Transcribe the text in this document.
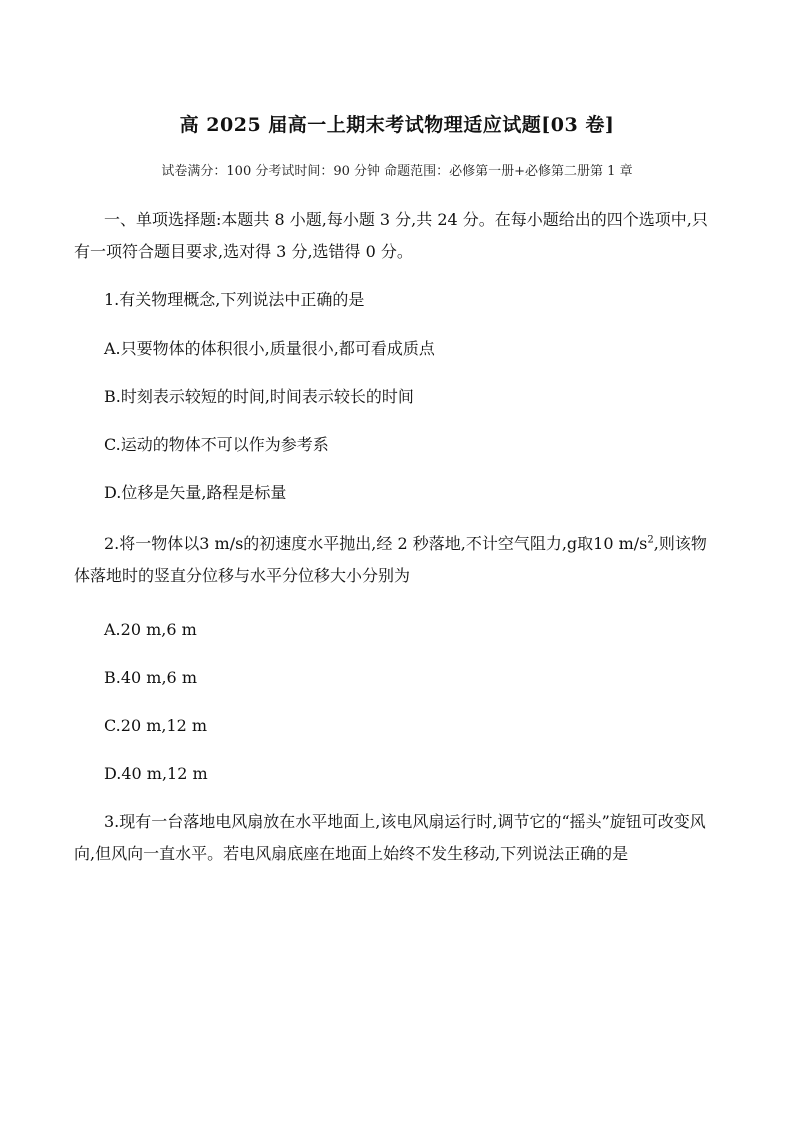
高 2025 届高一上期末考试物理适应试题[03 卷]
试卷满分：100 分考试时间：90 分钟 命题范围：必修第一册+必修第二册第 1 章

一、单项选择题:本题共 8 小题,每小题 3 分,共 24 分。在每小题给出的四个选项中,只有一项符合题目要求,选对得 3 分,选错得 0 分。

1.有关物理概念,下列说法中正确的是

A.只要物体的体积很小,质量很小,都可看成质点

B.时刻表示较短的时间,时间表示较长的时间

C.运动的物体不可以作为参考系

D.位移是矢量,路程是标量

2.将一物体以3 m/s的初速度水平抛出,经 2 秒落地,不计空气阻力,g取10 $m/s^2$,则该物体落地时的竖直分位移与水平分位移大小分别为

A.20 m,6 m

B.40 m,6 m

C.20 m,12 m

D.40 m,12 m

3.现有一台落地电风扇放在水平地面上,该电风扇运行时,调节它的“摇头”旋钮可改变风向,但风向一直水平。若电风扇底座在地面上始终不发生移动,下列说法正确的是
